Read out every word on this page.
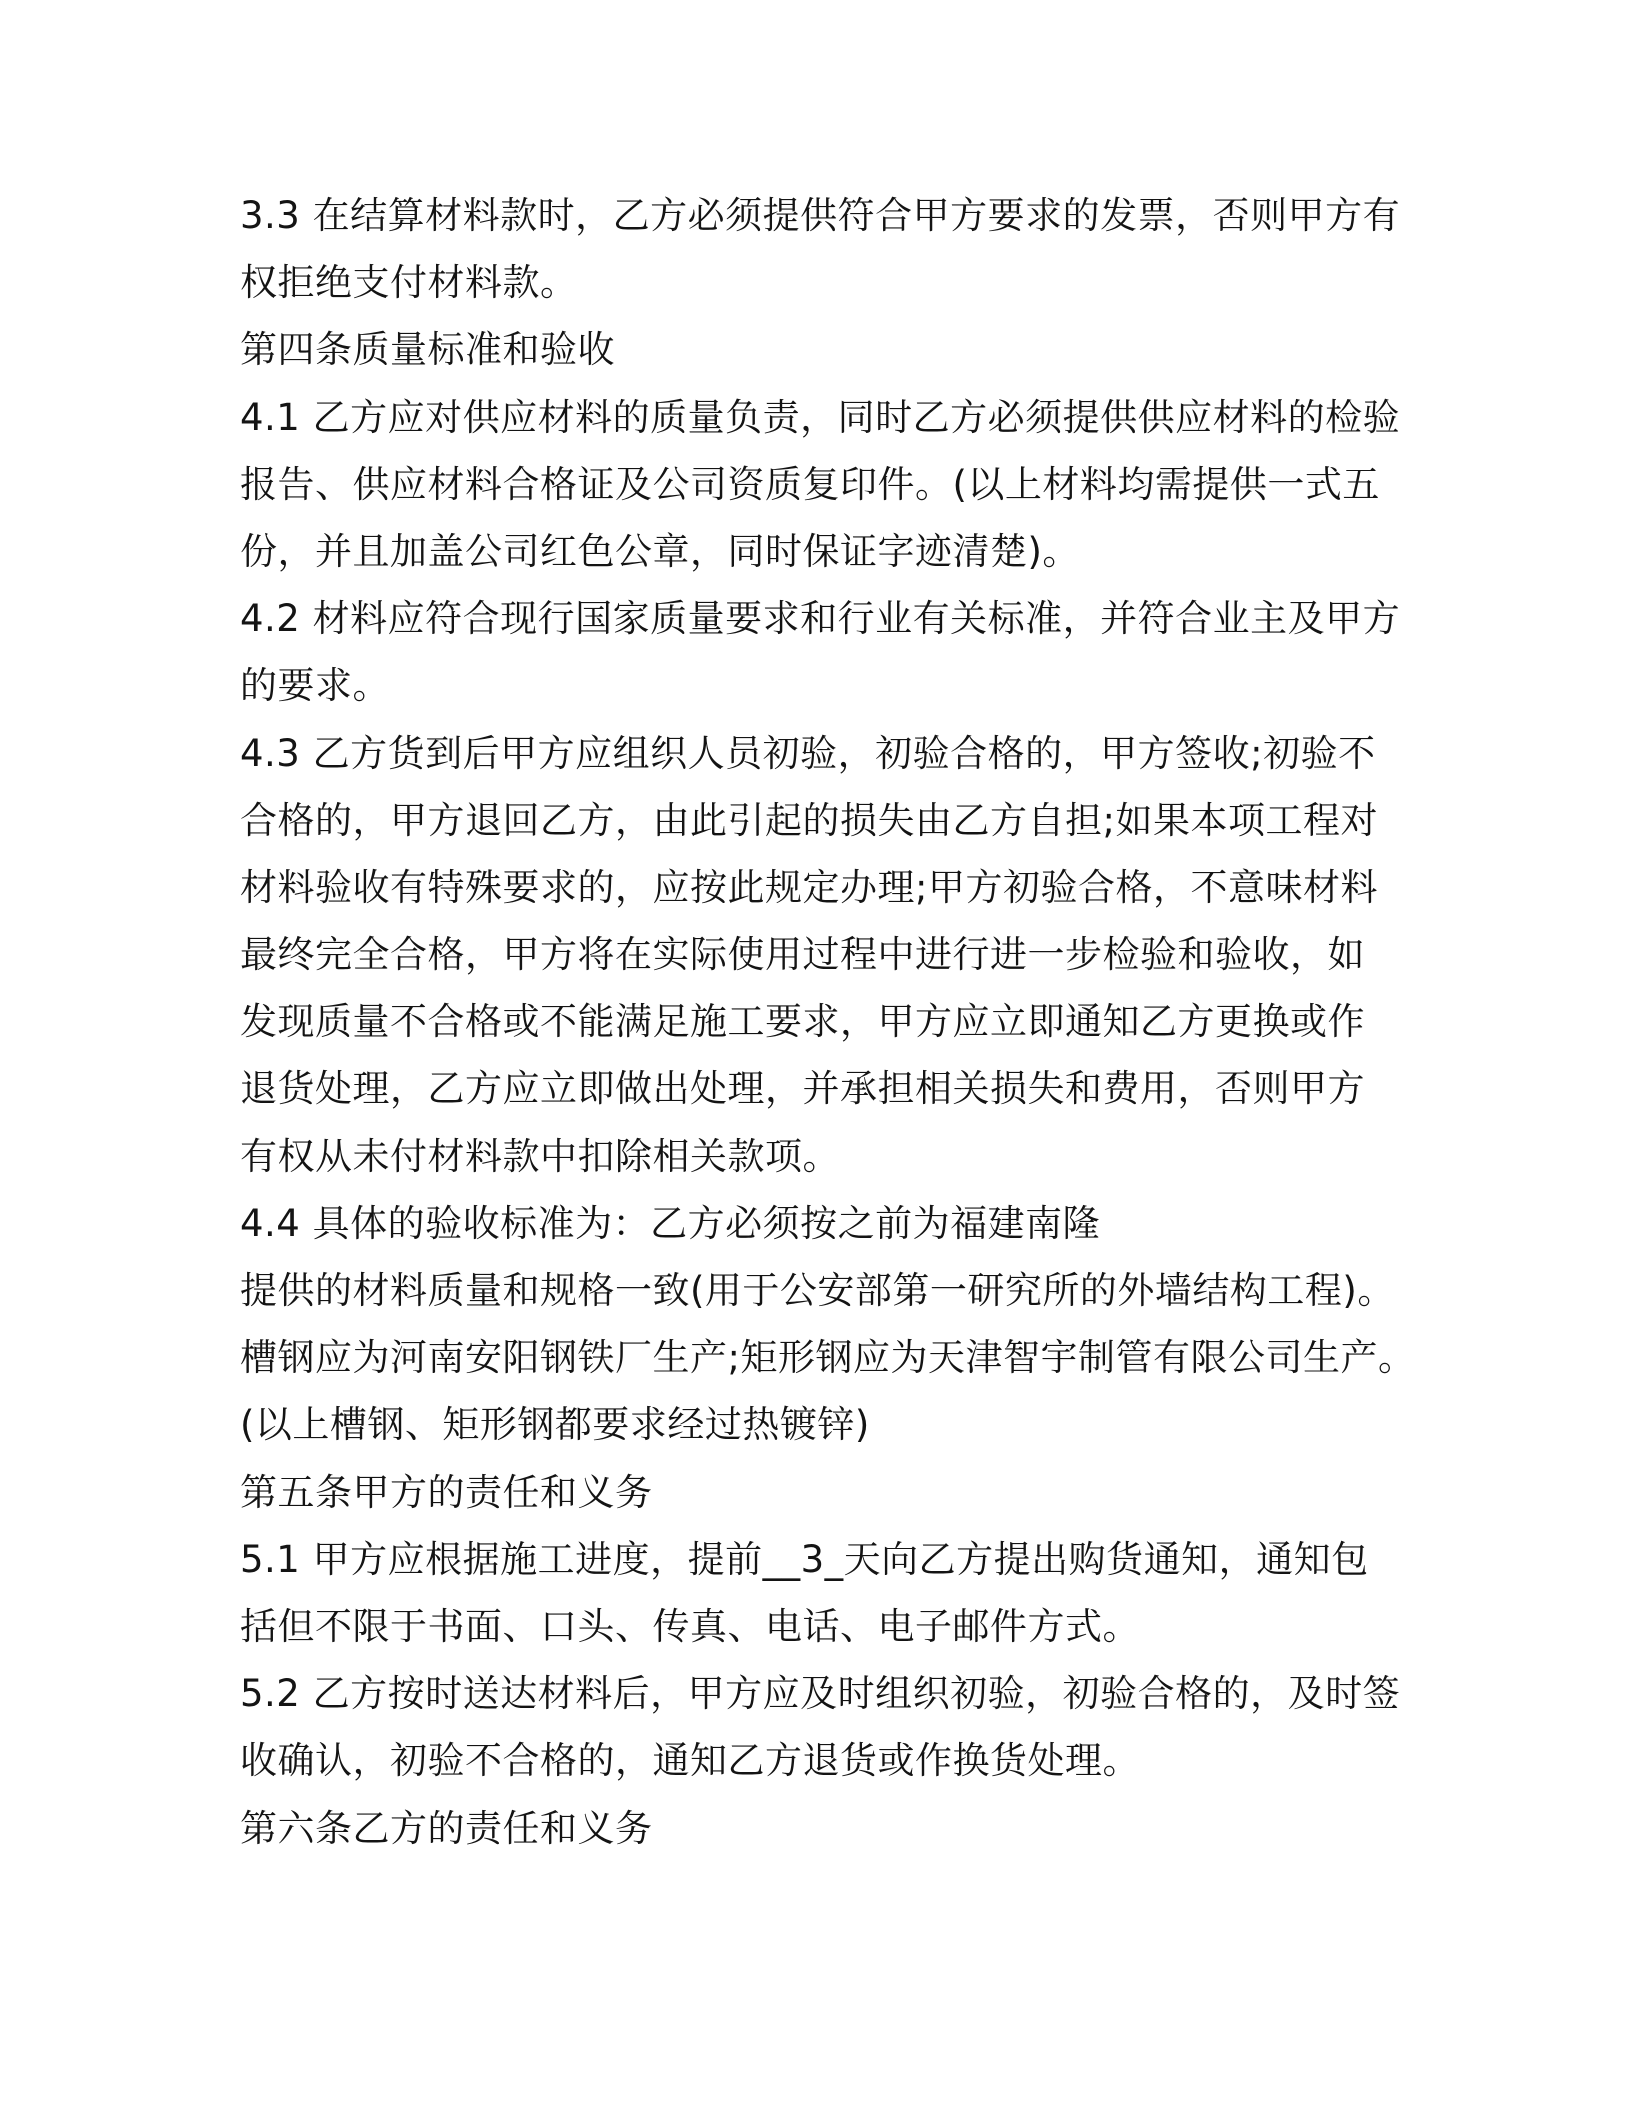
3.3 在结算材料款时，乙方必须提供符合甲方要求的发票，否则甲方有
权拒绝支付材料款。
第四条质量标准和验收
4.1 乙方应对供应材料的质量负责，同时乙方必须提供供应材料的检验
报告、供应材料合格证及公司资质复印件。(以上材料均需提供一式五
份，并且加盖公司红色公章，同时保证字迹清楚)。
4.2 材料应符合现行国家质量要求和行业有关标准，并符合业主及甲方
的要求。
4.3 乙方货到后甲方应组织人员初验，初验合格的，甲方签收;初验不
合格的，甲方退回乙方，由此引起的损失由乙方自担;如果本项工程对
材料验收有特殊要求的，应按此规定办理;甲方初验合格，不意味材料
最终完全合格，甲方将在实际使用过程中进行进一步检验和验收，如
发现质量不合格或不能满足施工要求，甲方应立即通知乙方更换或作
退货处理，乙方应立即做出处理，并承担相关损失和费用，否则甲方
有权从未付材料款中扣除相关款项。
4.4 具体的验收标准为：乙方必须按之前为福建南隆
提供的材料质量和规格一致(用于公安部第一研究所的外墙结构工程)。
槽钢应为河南安阳钢铁厂生产;矩形钢应为天津智宇制管有限公司生产。
(以上槽钢、矩形钢都要求经过热镀锌)
第五条甲方的责任和义务
5.1 甲方应根据施工进度，提前__3_天向乙方提出购货通知，通知包
括但不限于书面、口头、传真、电话、电子邮件方式。
5.2 乙方按时送达材料后，甲方应及时组织初验，初验合格的，及时签
收确认，初验不合格的，通知乙方退货或作换货处理。
第六条乙方的责任和义务
